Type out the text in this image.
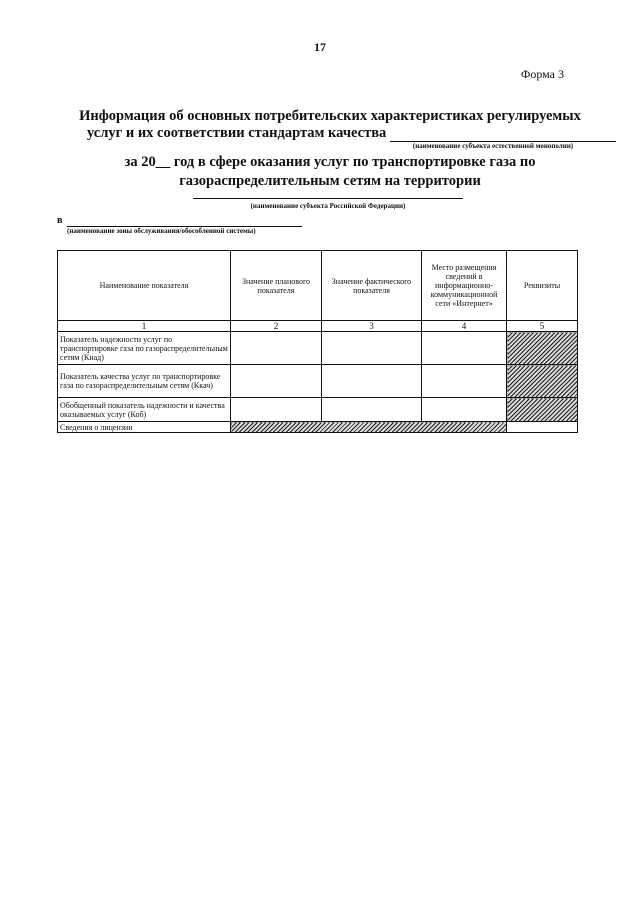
17
Форма 3
Информация об основных потребительских характеристиках регулируемых
услуг и их соответствии стандартам качества
(наименование субъекта естественной монополии)
за 20__ год в сфере оказания услуг по транспортировке газа по
газораспределительным сетям на территории
(наименование субъекта Российской Федерации)
в
(наименование зоны обслуживания/обособленной системы)
Наименование показателя	Значение планового показателя	Значение фактического показателя	Место размещения сведений в информационно-коммуникационной сети «Интернет»	Реквизиты
1	2	3	4	5
Показатель надежности услуг по транспортировке газа по газораспределительным сетям (Кнад)				
Показатель качества услуг по транспортировке газа по газораспределительным сетям (Ккач)				
Обобщенный показатель надежности и качества оказываемых услуг (Коб)				
Сведения о лицензии				
